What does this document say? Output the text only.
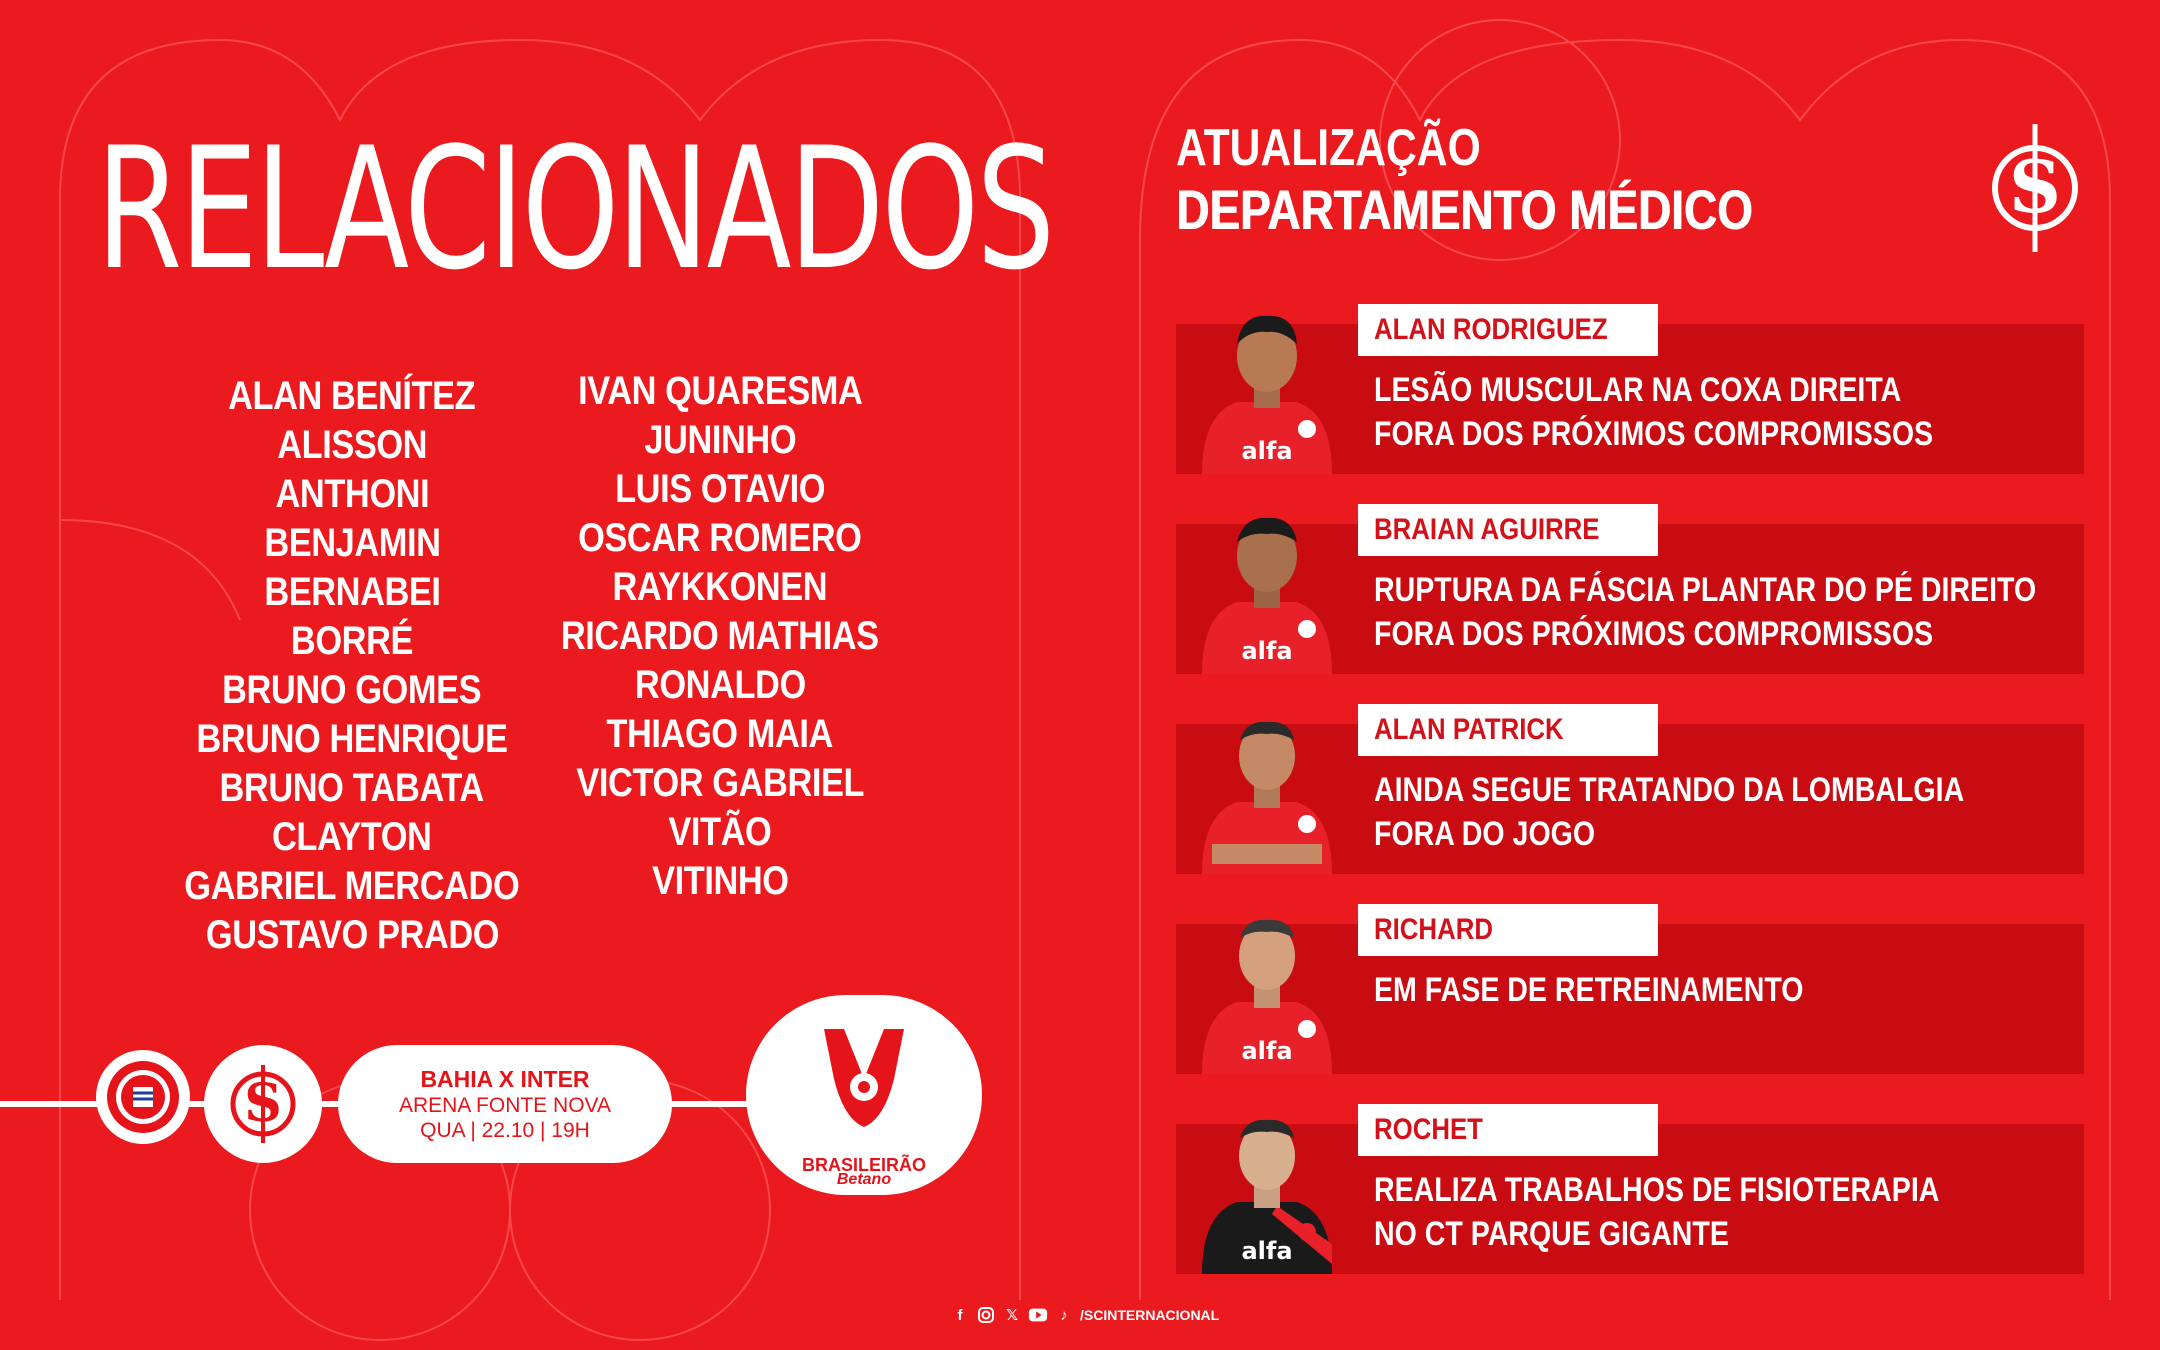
RELACIONADOS
ALAN BENÍTEZ
ALISSON
ANTHONI
BENJAMIN
BERNABEI
BORRÉ
BRUNO GOMES
BRUNO HENRIQUE
BRUNO TABATA
CLAYTON
GABRIEL MERCADO
GUSTAVO PRADO
IVAN QUARESMA
JUNINHO
LUIS OTAVIO
OSCAR ROMERO
RAYKKONEN
RICARDO MATHIAS
RONALDO
THIAGO MAIA
VICTOR GABRIEL
VITÃO
VITINHO
S	BAHIA X INTER
ARENA FONTE NOVA
QUA | 22.10 | 19H
BRASILEIRÃO
Betano
ATUALIZAÇÃO
DEPARTAMENTO MÉDICO	S
alfa
ALAN RODRIGUEZ
LESÃO MUSCULAR NA COXA DIREITA
FORA DOS PRÓXIMOS COMPROMISSOS
alfa
BRAIAN AGUIRRE
RUPTURA DA FÁSCIA PLANTAR DO PÉ DIREITO
FORA DOS PRÓXIMOS COMPROMISSOS
ALAN PATRICK
AINDA SEGUE TRATANDO DA LOMBALGIA
FORA DO JOGO
alfa
RICHARD
EM FASE DE RETREINAMENTO
alfa
ROCHET
REALIZA TRABALHOS DE FISIOTERAPIA
NO CT PARQUE GIGANTE
f	𝕏	♪ /SCINTERNACIONAL
